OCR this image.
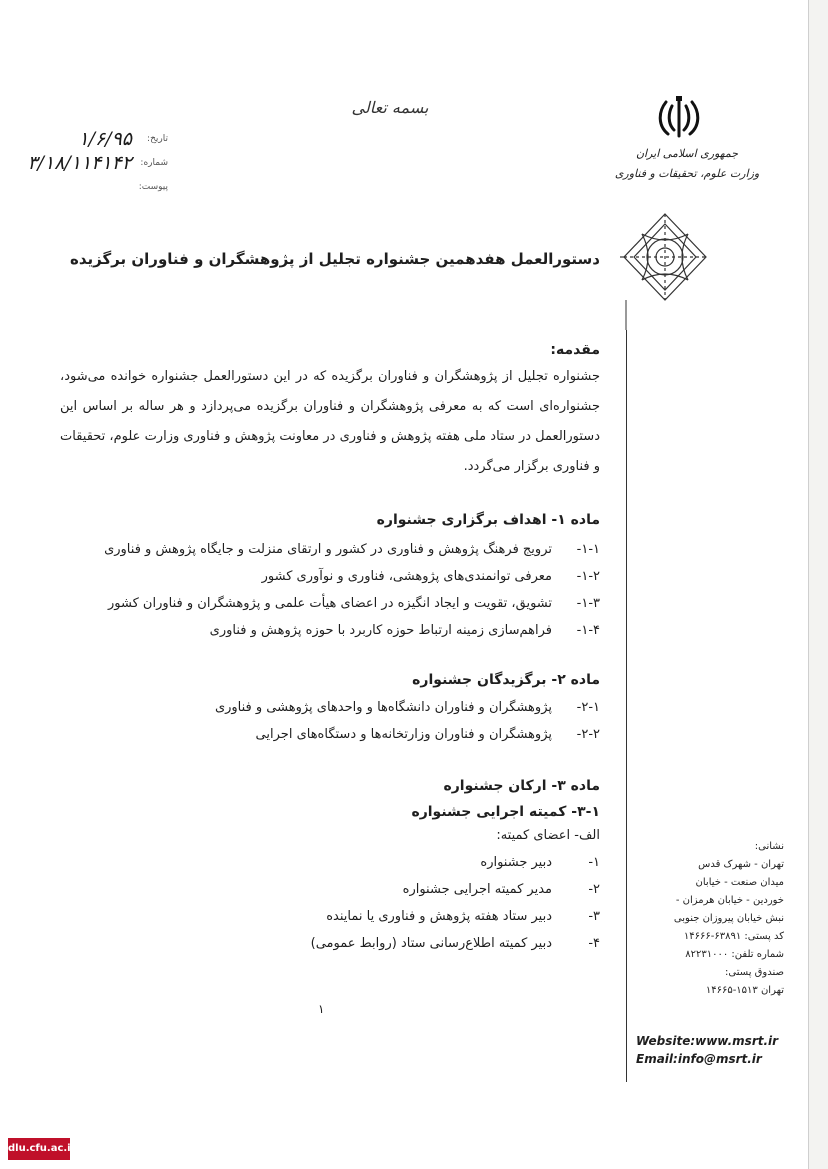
بسمه تعالی
جمهوری اسلامی ایران
وزارت علوم، تحقیقات و فناوری
تاریخ:
۱/۶/۹۵
شماره:
۳/۱۸/۱۱۴۱۴۲
پیوست:
دستورالعمل هفدهمین جشنواره تجلیل از پژوهشگران و فناوران برگزیده
مقدمه:
جشنواره تجلیل از پژوهشگران و فناوران برگزیده که در این دستورالعمل جشنواره خوانده می‌شود، جشنواره‌ای است که به معرفی پژوهشگران و فناوران برگزیده می‌پردازد و هر ساله بر اساس این دستورالعمل در ستاد ملی هفته پژوهش و فناوری در معاونت پژوهش و فناوری وزارت علوم، تحقیقات و فناوری برگزار می‌گردد.
ماده ۱- اهداف برگزاری جشنواره
۱-۱-ترویج فرهنگ پژوهش و فناوری در کشور و ارتقای منزلت و جایگاه پژوهش و فناوری
۱-۲-معرفی توانمندی‌های پژوهشی، فناوری و نوآوری کشور
۱-۳-تشویق، تقویت و ایجاد انگیزه در اعضای هیأت علمی و پژوهشگران و فناوران کشور
۱-۴-فراهم‌سازی زمینه ارتباط حوزه کاربرد با حوزه پژوهش و فناوری
ماده ۲- برگزیدگان جشنواره
۲-۱-پژوهشگران و فناوران دانشگاه‌ها و واحدهای پژوهشی و فناوری
۲-۲-پژوهشگران و فناوران وزارتخانه‌ها و دستگاه‌های اجرایی
ماده ۳- ارکان جشنواره
۳-۱- کمیته اجرایی جشنواره
الف- اعضای کمیته:
۱-دبیر جشنواره
۲-مدیر کمیته اجرایی جشنواره
۳-دبیر ستاد هفته پژوهش و فناوری یا نماینده
۴-دبیر کمیته اطلاع‌رسانی ستاد (روابط عمومی)
۱
نشانی:
تهران - شهرک قدس
میدان صنعت - خیابان
خوردین - خیابان هرمزان -
نبش خیابان پیروزان جنوبی
کد پستی: ۶۳۸۹۱-۱۴۶۶۶
شماره تلفن: ۸۲۲۳۱۰۰۰
صندوق پستی:
تهران ۱۵۱۳-۱۴۶۶۵
Website:www.msrt.ir
Email:info@msrt.ir
dlu.cfu.ac.ir
